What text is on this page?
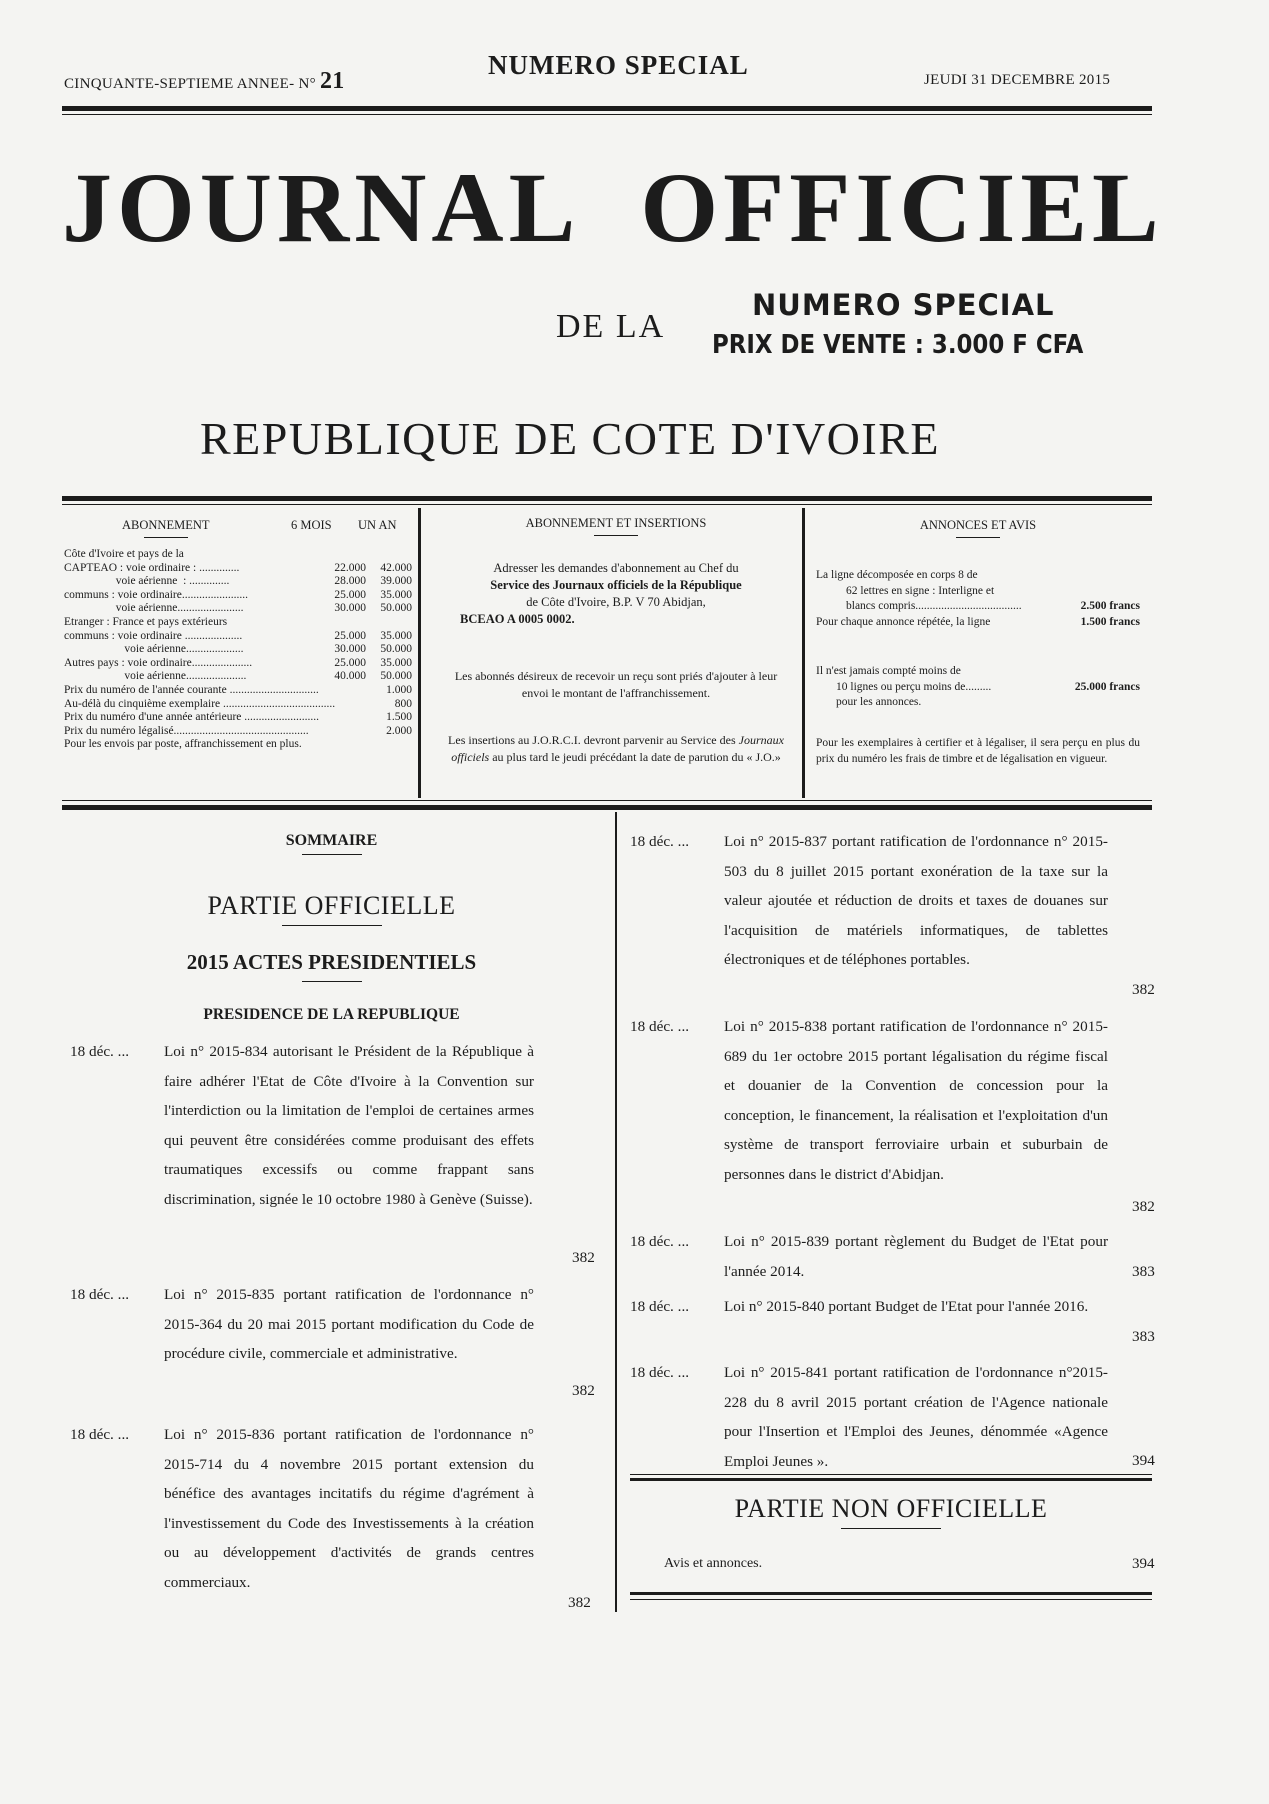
CINQUANTE-SEPTIEME ANNEE- N° 21
NUMERO SPECIAL	JEUDI 31 DECEMBRE 2015
JOURNAL OFFICIEL
DE LA
NUMERO SPECIAL
PRIX DE VENTE : 3.000 F CFA
REPUBLIQUE DE COTE D'IVOIRE
ABONNEMENT	6 MOIS UN AN
Côte d'Ivoire et pays de la
CAPTEAO : voie ordinaire : ..............	22.000	42.000
voie aérienne  : ..............	28.000	39.000
communs : voie ordinaire.......................	25.000	35.000
voie aérienne.......................	30.000	50.000
Etranger : France et pays extérieurs
communs : voie ordinaire ....................	25.000	35.000
voie aérienne....................	30.000	50.000
Autres pays : voie ordinaire.....................	25.000	35.000
voie aérienne.....................	40.000	50.000
Prix du numéro de l'année courante ...............................	1.000
Au-délà du cinquième exemplaire .......................................	800
Prix du numéro d'une année antérieure ..........................	1.500
Prix du numéro légalisé...............................................	2.000
Pour les envois par poste, affranchissement en plus.
ABONNEMENT ET INSERTIONS
Adresser les demandes d'abonnement au Chef du
Service des Journaux officiels de la République
de Côte d'Ivoire, B.P. V 70 Abidjan,
BCEAO A 0005 0002.
Les abonnés désireux de recevoir un reçu sont priés d'ajouter à leur envoi le montant de l'affranchissement.
Les insertions au J.O.R.C.I. devront parvenir au Service des Journaux officiels au plus tard le jeudi précédant la date de parution du « J.O.»
ANNONCES ET AVIS
La ligne décomposée en corps 8 de
62 lettres en signe : Interligne et
blancs compris.....................................	2.500 francs
Pour chaque annonce répétée, la ligne	1.500 francs
Il n'est jamais compté moins de
10 lignes ou perçu moins de.........	25.000 francs
pour les annonces.
Pour les exemplaires à certifier et à légaliser, il sera perçu en plus du prix du numéro les frais de timbre et de légalisation en vigueur.
SOMMAIRE
PARTIE OFFICIELLE
2015 ACTES PRESIDENTIELS
PRESIDENCE DE LA REPUBLIQUE
18 déc. ... Loi n° 2015-834 autorisant le Président de la République à faire adhérer l'Etat de Côte d'Ivoire à la Convention sur l'interdiction ou la limitation de l'emploi de certaines armes qui peuvent être considérées comme produisant des effets traumatiques excessifs ou comme frappant sans discrimination, signée le 10 octobre 1980 à Genève (Suisse).
382
18 déc. ... Loi n° 2015-835 portant ratification de l'ordonnance n° 2015-364 du 20 mai 2015 portant modification du Code de procédure civile, commerciale et administrative.
382
18 déc. ... Loi n° 2015-836 portant ratification de l'ordonnance n° 2015-714 du 4 novembre 2015 portant extension du bénéfice des avantages incitatifs du régime d'agrément à l'investissement du Code des Investissements à la création ou au développement d'activités de grands centres commerciaux.
382
18 déc. ... Loi n° 2015-837 portant ratification de l'ordonnance n° 2015-503 du 8 juillet 2015 portant exonération de la taxe sur la valeur ajoutée et réduction de droits et taxes de douanes sur l'acquisition de matériels informatiques, de tablettes électroniques et de téléphones portables.
382
18 déc. ... Loi n° 2015-838 portant ratification de l'ordonnance n° 2015-689 du 1er octobre 2015 portant légalisation du régime fiscal et douanier de la Convention de concession pour la conception, le financement, la réalisation et l'exploitation d'un système de transport ferroviaire urbain et suburbain de personnes dans le district d'Abidjan.
382
18 déc. ... Loi n° 2015-839 portant règlement du Budget de l'Etat pour l'année 2014.	383
18 déc. ... Loi n° 2015-840 portant Budget de l'Etat pour l'année 2016.
383
18 déc. ... Loi n° 2015-841 portant ratification de l'ordonnance n°2015-228 du 8 avril 2015 portant création de l'Agence nationale pour l'Insertion et l'Emploi des Jeunes, dénommée «Agence Emploi Jeunes ».	394
PARTIE NON OFFICIELLE
Avis et annonces.	394
